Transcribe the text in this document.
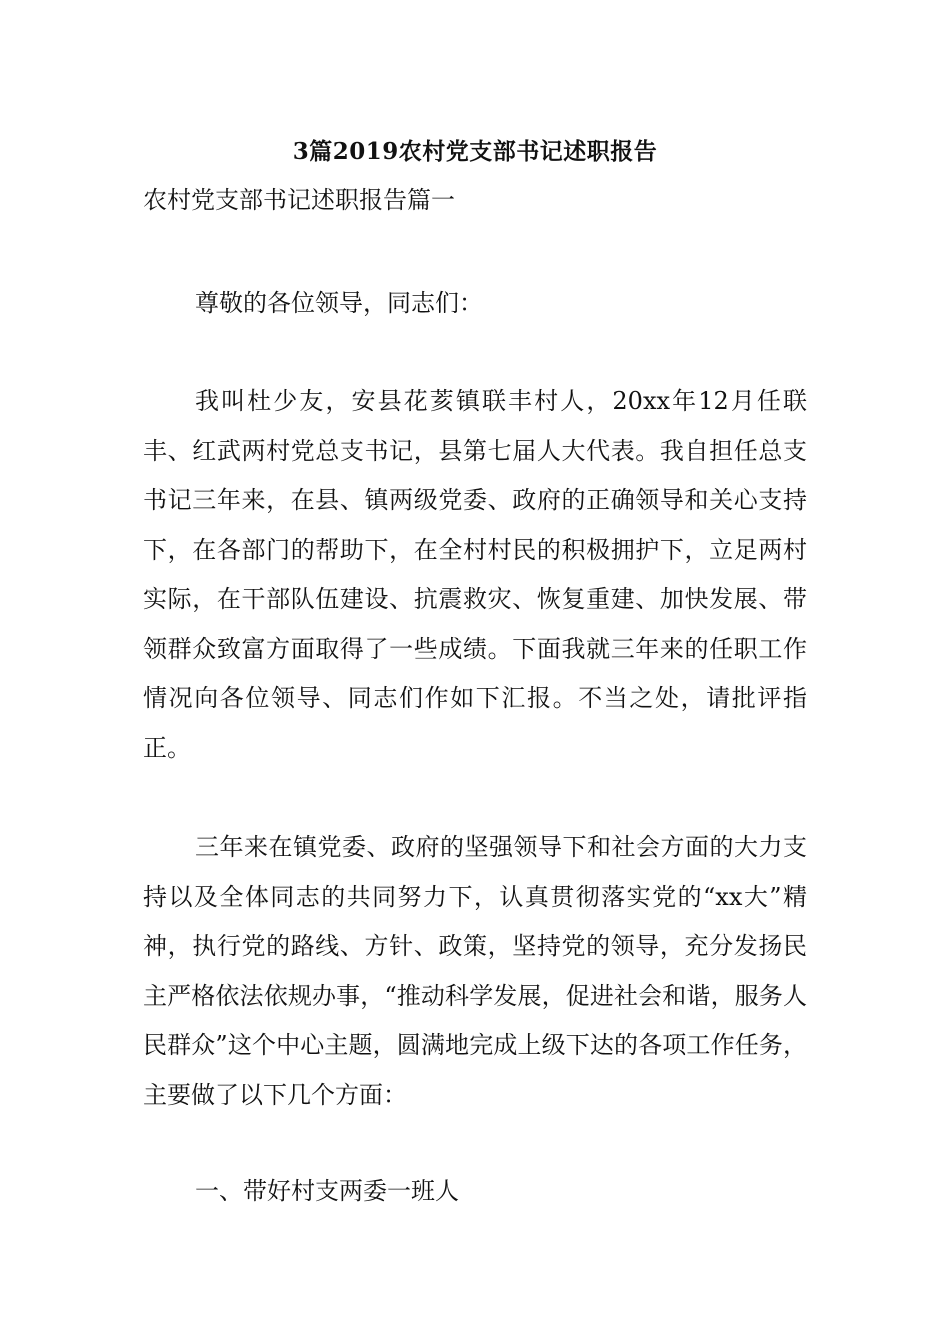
3篇2019农村党支部书记述职报告
农村党支部书记述职报告篇一

尊敬的各位领导，同志们：

我叫杜少友，安县花荄镇联丰村人，20xx年12月任联丰、红武两村党总支书记，县第七届人大代表。我自担任总支书记三年来，在县、镇两级党委、政府的正确领导和关心支持下，在各部门的帮助下，在全村村民的积极拥护下，立足两村实际，在干部队伍建设、抗震救灾、恢复重建、加快发展、带领群众致富方面取得了一些成绩。下面我就三年来的任职工作情况向各位领导、同志们作如下汇报。不当之处，请批评指正。

三年来在镇党委、政府的坚强领导下和社会方面的大力支持以及全体同志的共同努力下，认真贯彻落实党的“xx大”精神，执行党的路线、方针、政策，坚持党的领导，充分发扬民主严格依法依规办事，“推动科学发展，促进社会和谐，服务人民群众”这个中心主题，圆满地完成上级下达的各项工作任务，主要做了以下几个方面：

一、带好村支两委一班人
